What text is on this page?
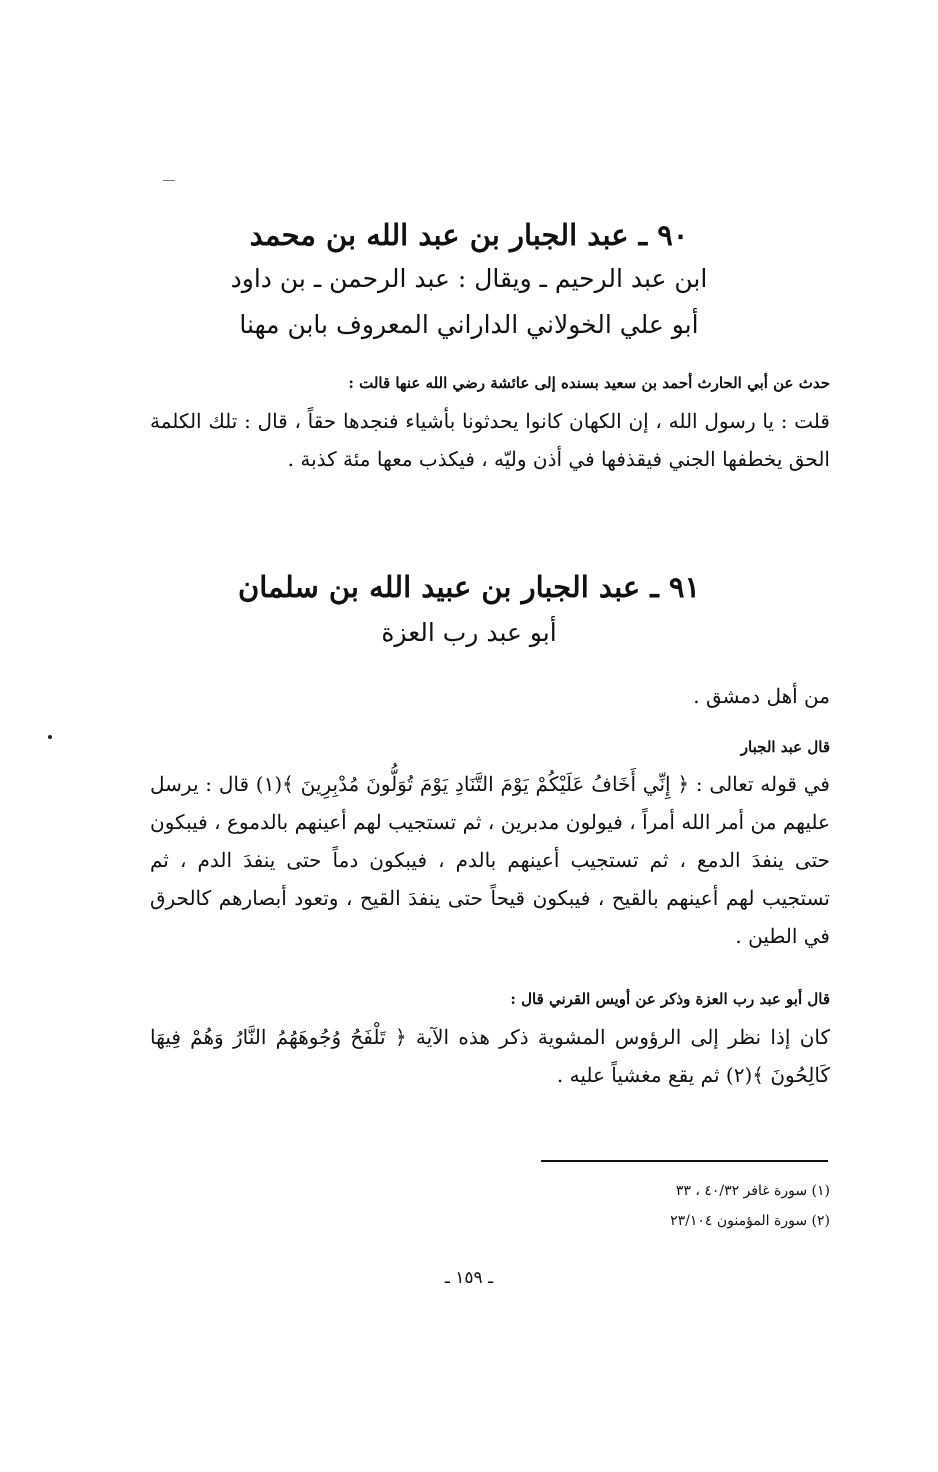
٩٠ ـ عبد الجبار بن عبد الله بن محمد
ابن عبد الرحيم ـ ويقال : عبد الرحمن ـ بن داود
أبو علي الخولاني الداراني المعروف بابن مهنا
حدث عن أبي الحارث أحمد بن سعيد بسنده إلى عائشة رضي الله عنها قالت :
قلت : يا رسول الله ، إن الكهان كانوا يحدثونا بأشياء فنجدها حقاً ، قال : تلك الكلمة الحق يخطفها الجني فيقذفها في أذن وليّه ، فيكذب معها مئة كذبة .
٩١ ـ عبد الجبار بن عبيد الله بن سلمان
أبو عبد رب العزة
من أهل دمشق .
قال عبد الجبار
في قوله تعالى : ﴿ إِنِّي أَخَافُ عَلَيْكُمْ يَوْمَ التَّنَادِ يَوْمَ تُوَلُّونَ مُدْبِرِينَ ﴾(١) قال : يرسل عليهم من أمر الله أمراً ، فيولون مدبرين ، ثم تستجيب لهم أعينهم بالدموع ، فيبكون حتى ينفدَ الدمع ، ثم تستجيب أعينهم بالدم ، فيبكون دماً حتى ينفدَ الدم ، ثم تستجيب لهم أعينهم بالقيح ، فيبكون قيحاً حتى ينفدَ القيح ، وتعود أبصارهم كالحرق في الطين .
قال أبو عبد رب العزة وذكر عن أويس القرني قال :
كان إذا نظر إلى الرؤوس المشوية ذكر هذه الآية ﴿ تَلْفَحُ وُجُوهَهُمُ النَّارُ وَهُمْ فِيهَا كَالِحُونَ ﴾(٢) ثم يقع مغشياً عليه .
(١) سورة غافر ٤٠/٣٢ ، ٣٣
(٢) سورة المؤمنون ٢٣/١٠٤
ـ ١٥٩ ـ
